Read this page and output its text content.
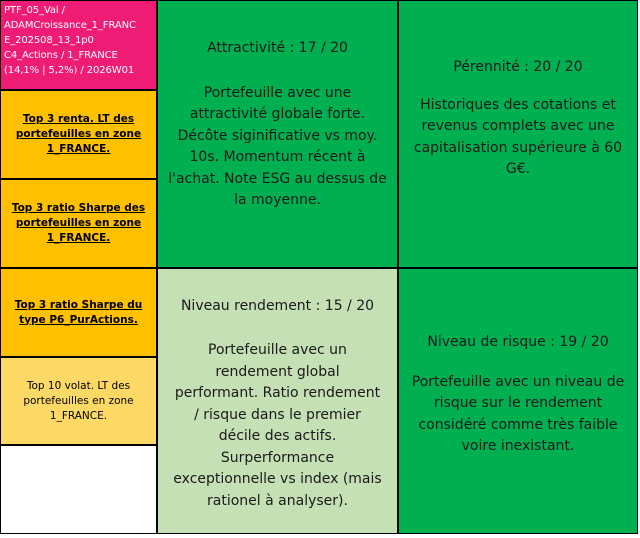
PTF_05_Val /
ADAMCroissance_1_FRANC
E_202508_13_1p0
C4_Actions / 1_FRANCE
(14,1% | 5,2%) / 2026W01
Top 3 renta. LT des portefeuilles en zone 1_FRANCE.
Top 3 ratio Sharpe des portefeuilles en zone 1_FRANCE.
Top 3 ratio Sharpe du type P6_PurActions.
Top 10 volat. LT des portefeuilles en zone 1_FRANCE.
Attractivité : 17 / 20
Portefeuille avec une attractivité globale forte. Décôte siginificative vs moy. 10s. Momentum récent à l'achat. Note ESG au dessus de la moyenne.
Pérennité : 20 / 20
Historiques des cotations et revenus complets avec une capitalisation supérieure à 60 G€.
Niveau rendement : 15 / 20
Portefeuille avec un rendement global performant. Ratio rendement / risque dans le premier décile des actifs. Surperformance exceptionnelle vs index (mais rationel à analyser).
Niveau de risque : 19 / 20
Portefeuille avec un niveau de risque sur le rendement considéré comme très faible voire inexistant.
